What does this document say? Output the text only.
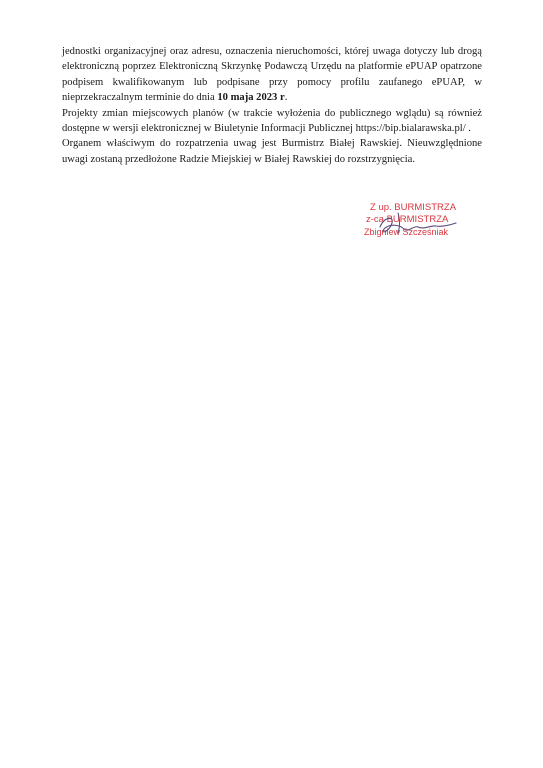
jednostki organizacyjnej oraz adresu, oznaczenia nieruchomości, której uwaga dotyczy lub drogą elektroniczną poprzez Elektroniczną Skrzynkę Podawczą Urzędu na platformie ePUAP opatrzone podpisem kwalifikowanym lub podpisane przy pomocy profilu zaufanego ePUAP, w nieprzekraczalnym terminie do dnia 10 maja 2023 r.

Projekty zmian miejscowych planów (w trakcie wyłożenia do publicznego wglądu) są również dostępne w wersji elektronicznej w Biuletynie Informacji Publicznej https://bip.bialarawska.pl/ .

Organem właściwym do rozpatrzenia uwag jest Burmistrz Białej Rawskiej. Nieuwzględnione uwagi zostaną przedłożone Radzie Miejskiej w Białej Rawskiej do rozstrzygnięcia.

Z up. BURMISTRZA
z-ca BURMISTRZA
Zbigniew Szcześniak
